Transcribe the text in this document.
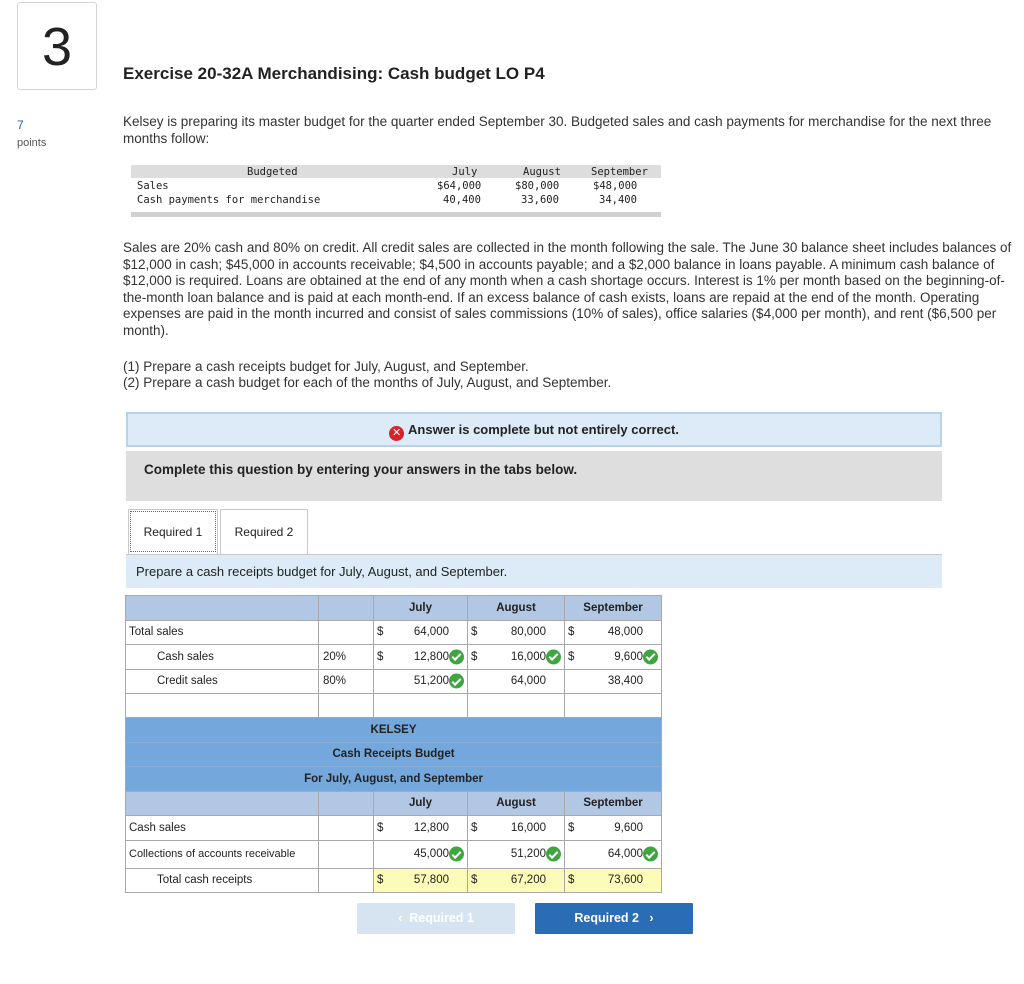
3
7
points
Exercise 20-32A Merchandising: Cash budget LO P4
Kelsey is preparing its master budget for the quarter ended September 30. Budgeted sales and cash payments for merchandise for the next three months follow:
Budgeted	July	August	September
Sales	$64,000	$80,000	$48,000
Cash payments for merchandise	40,400	33,600	34,400
Sales are 20% cash and 80% on credit. All credit sales are collected in the month following the sale. The June 30 balance sheet includes balances of $12,000 in cash; $45,000 in accounts receivable; $4,500 in accounts payable; and a $2,000 balance in loans payable. A minimum cash balance of $12,000 is required. Loans are obtained at the end of any month when a cash shortage occurs. Interest is 1% per month based on the beginning-of-the-month loan balance and is paid at each month-end. If an excess balance of cash exists, loans are repaid at the end of the month. Operating expenses are paid in the month incurred and consist of sales commissions (10% of sales), office salaries ($4,000 per month), and rent ($6,500 per month).
(1) Prepare a cash receipts budget for July, August, and September.
(2) Prepare a cash budget for each of the months of July, August, and September.
✕ Answer is complete but not entirely correct.
Complete this question by entering your answers in the tabs below.
Required 1	Required 2
Prepare a cash receipts budget for July, August, and September.
		July	August	September
Total sales		$ 64,000	$ 80,000	$ 48,000
Cash sales	20%	$ 12,800	$ 16,000	$ 9,600

Credit sales	80%	51,200	64,000	38,400

KELSEY				
Cash Receipts Budget				
For July, August, and September				
		July	August	September
Cash sales		$ 12,800	$ 16,000	$ 9,600
Collections of accounts receivable		45,000	51,200	64,000

Total cash receipts		$ 57,800	$ 67,200	$ 73,600
‹ Required 1	Required 2 ›
